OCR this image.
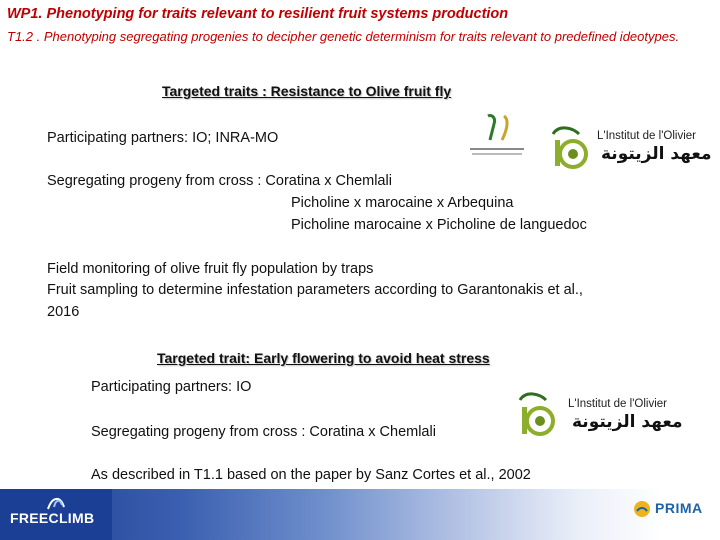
WP1. Phenotyping for traits relevant to resilient fruit systems production
T1.2 . Phenotyping segregating progenies to decipher genetic determinism for traits relevant to predefined ideotypes.
Targeted traits : Resistance to Olive fruit fly
Participating partners: IO; INRA-MO
Segregating progeny from cross : Coratina x Chemlali
Picholine x marocaine x Arbequina
Picholine marocaine x Picholine de languedoc
Field monitoring of olive fruit fly population by traps
Fruit sampling to determine infestation parameters according to Garantonakis et al.,
2016
L'Institut de l'Olivier
معهد الزيتونة
Targeted trait: Early flowering to avoid heat stress
Participating partners: IO
Segregating progeny from cross : Coratina x Chemlali
As described in T1.1 based on the paper by Sanz Cortes et al., 2002
L'Institut de l'Olivier
معهد الزيتونة
FREECLIMB
PRIMA
